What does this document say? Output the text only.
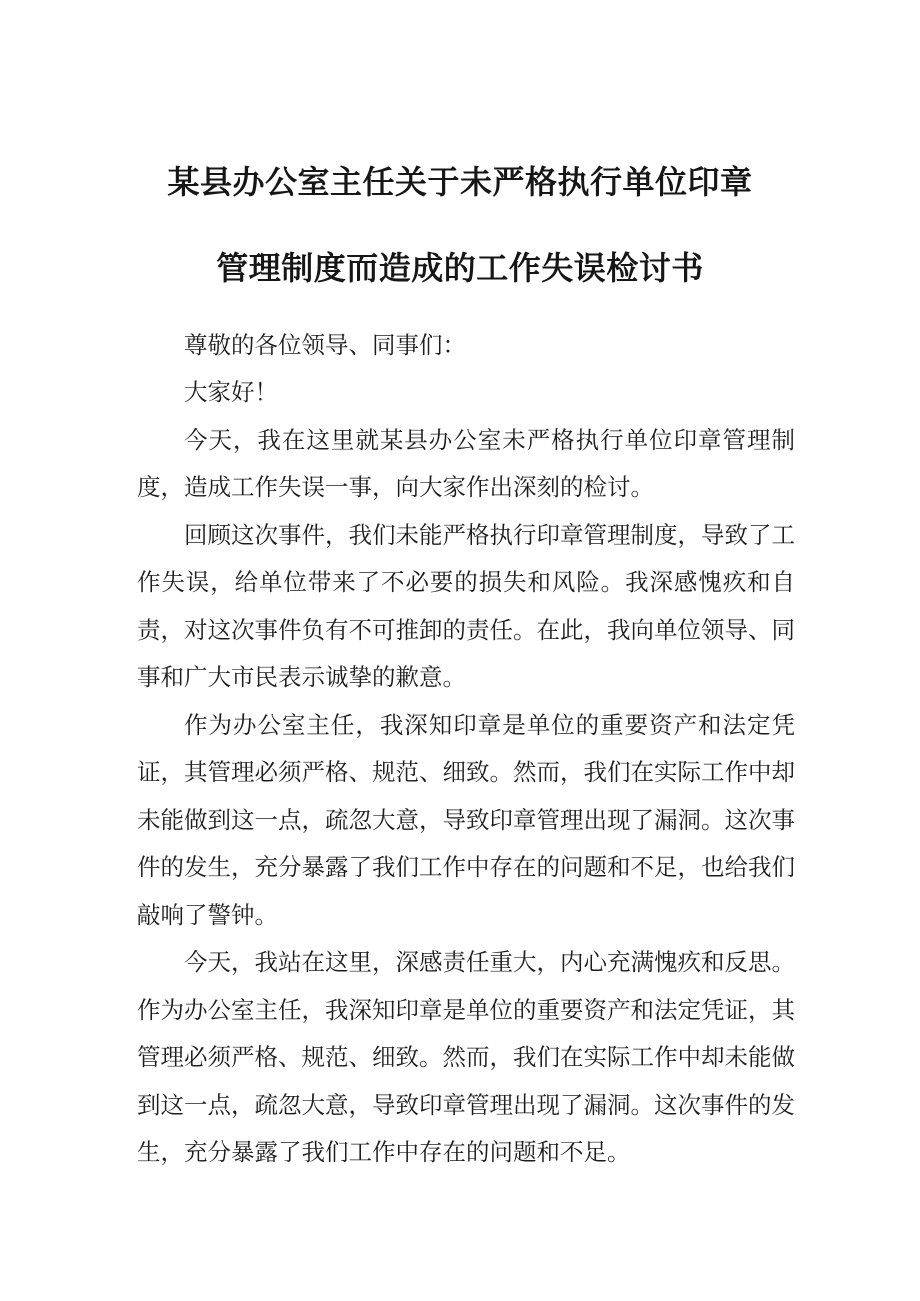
某县办公室主任关于未严格执行单位印章
管理制度而造成的工作失误检讨书

尊敬的各位领导、同事们：

大家好！

今天，我在这里就某县办公室未严格执行单位印章管理制度，造成工作失误一事，向大家作出深刻的检讨。

回顾这次事件，我们未能严格执行印章管理制度，导致了工作失误，给单位带来了不必要的损失和风险。我深感愧疚和自责，对这次事件负有不可推卸的责任。在此，我向单位领导、同事和广大市民表示诚挚的歉意。

作为办公室主任，我深知印章是单位的重要资产和法定凭证，其管理必须严格、规范、细致。然而，我们在实际工作中却未能做到这一点，疏忽大意，导致印章管理出现了漏洞。这次事件的发生，充分暴露了我们工作中存在的问题和不足，也给我们敲响了警钟。

今天，我站在这里，深感责任重大，内心充满愧疚和反思。作为办公室主任，我深知印章是单位的重要资产和法定凭证，其管理必须严格、规范、细致。然而，我们在实际工作中却未能做到这一点，疏忽大意，导致印章管理出现了漏洞。这次事件的发生，充分暴露了我们工作中存在的问题和不足。
